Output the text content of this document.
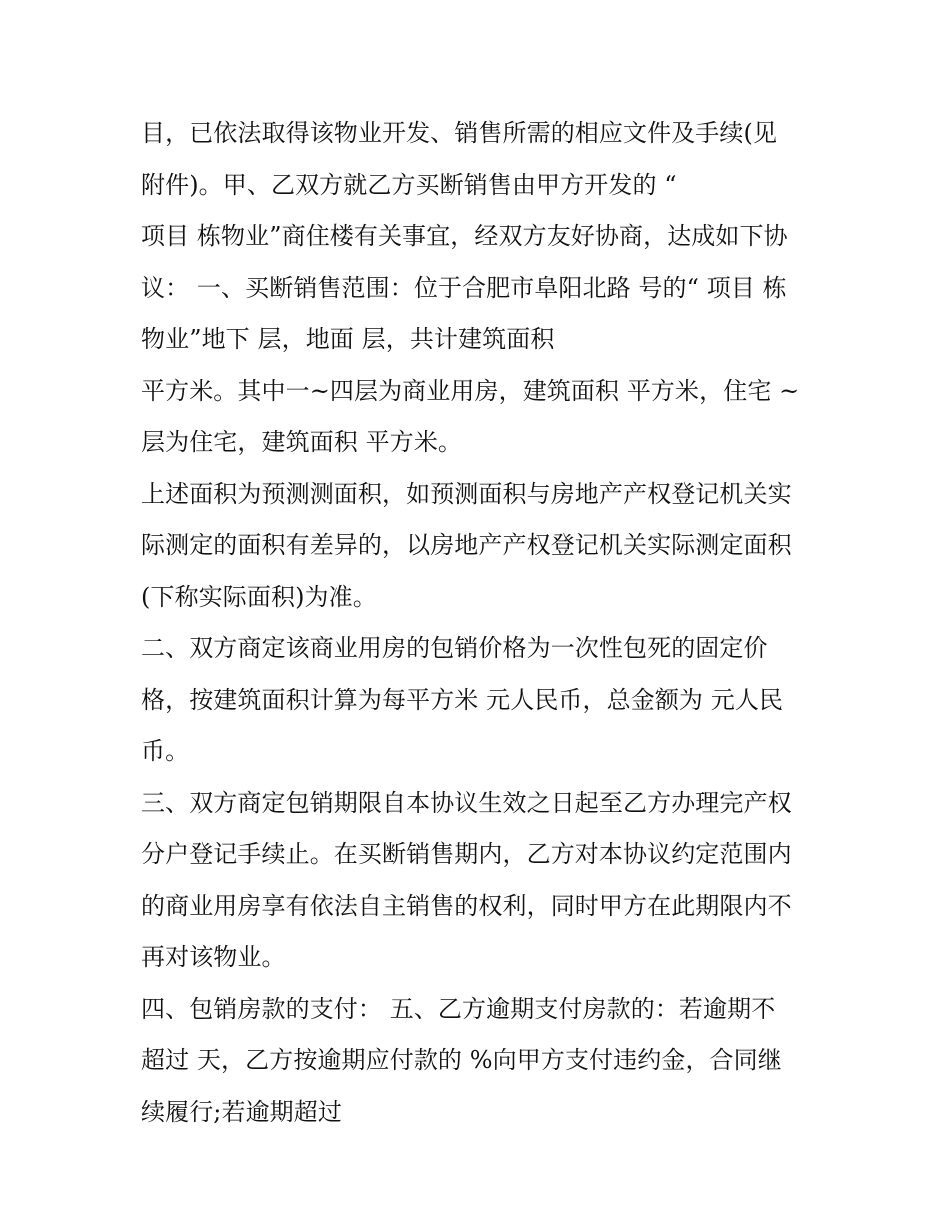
目，已依法取得该物业开发、销售所需的相应文件及手续(见
附件)。甲、乙双方就乙方买断销售由甲方开发的 “
项目 栋物业”商住楼有关事宜，经双方友好协商，达成如下协
议： 一、买断销售范围：位于合肥市阜阳北路 号的“ 项目 栋
物业”地下 层，地面 层，共计建筑面积
平方米。其中一~四层为商业用房，建筑面积 平方米，住宅 ~
层为住宅，建筑面积 平方米。
上述面积为预测测面积，如预测面积与房地产产权登记机关实
际测定的面积有差异的，以房地产产权登记机关实际测定面积
(下称实际面积)为准。
二、双方商定该商业用房的包销价格为一次性包死的固定价
格，按建筑面积计算为每平方米 元人民币，总金额为 元人民
币。
三、双方商定包销期限自本协议生效之日起至乙方办理完产权
分户登记手续止。在买断销售期内，乙方对本协议约定范围内
的商业用房享有依法自主销售的权利，同时甲方在此期限内不
再对该物业。
四、包销房款的支付： 五、乙方逾期支付房款的：若逾期不
超过 天，乙方按逾期应付款的 %向甲方支付违约金，合同继
续履行;若逾期超过
